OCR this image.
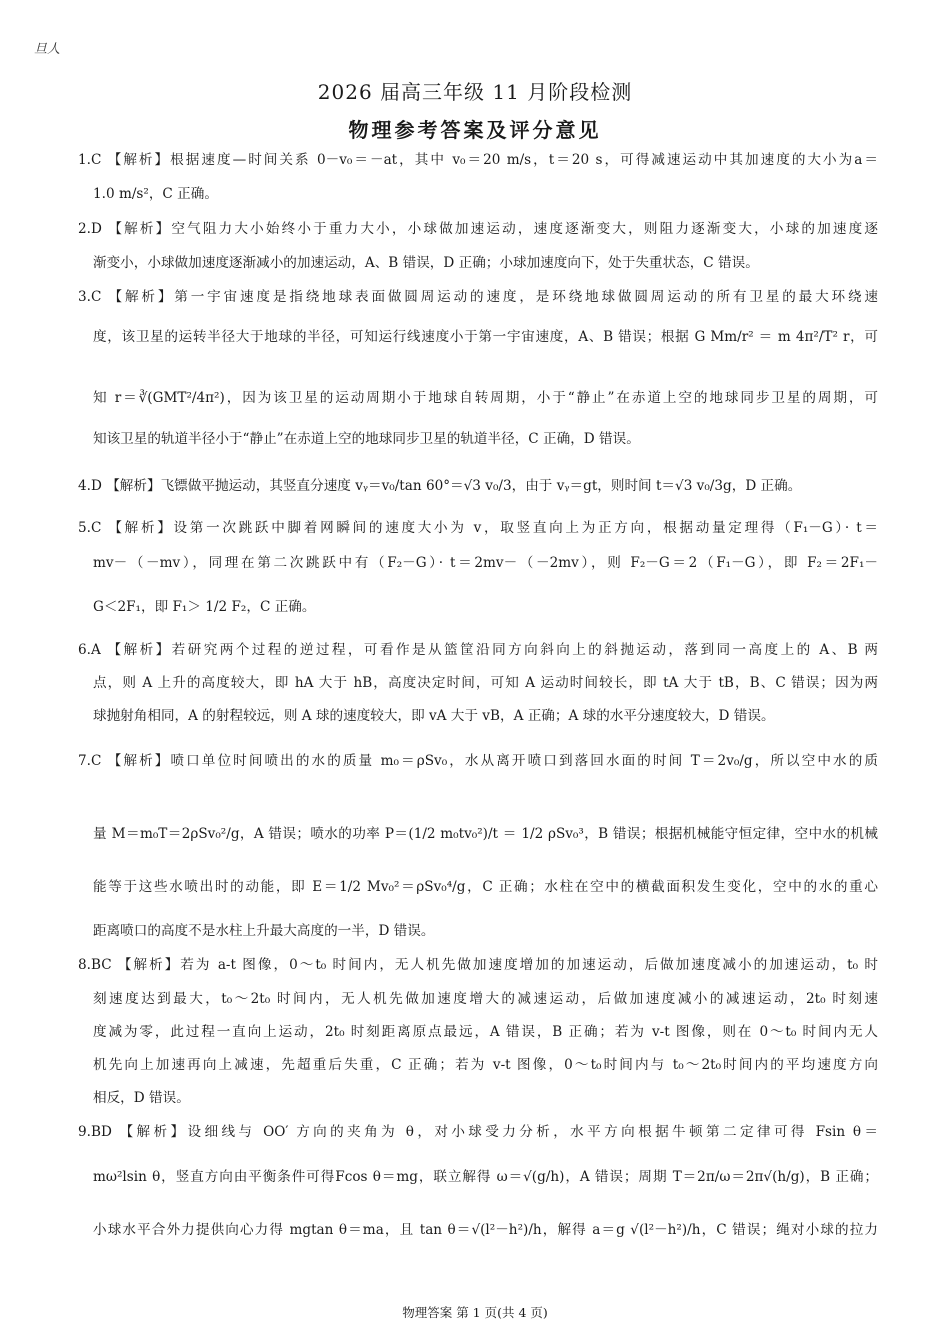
旦人
2026 届高三年级 11 月阶段检测
物理参考答案及评分意见
1.C 【解析】根据速度—时间关系 0－v₀＝－at，其中 v₀＝20 m/s，t＝20 s，可得减速运动中其加速度的大小为a＝
1.0 m/s²，C 正确。
2.D 【解析】空气阻力大小始终小于重力大小，小球做加速运动，速度逐渐变大，则阻力逐渐变大，小球的加速度逐
渐变小，小球做加速度逐渐减小的加速运动，A、B 错误，D 正确；小球加速度向下，处于失重状态，C 错误。
3.C 【解析】第一宇宙速度是指绕地球表面做圆周运动的速度，是环绕地球做圆周运动的所有卫星的最大环绕速
度，该卫星的运转半径大于地球的半径，可知运行线速度小于第一宇宙速度，A、B 错误；根据 G Mm/r² ＝ m 4π²/T² r，可
知 r＝∛(GMT²/4π²)，因为该卫星的运动周期小于地球自转周期，小于“静止”在赤道上空的地球同步卫星的周期，可
知该卫星的轨道半径小于“静止”在赤道上空的地球同步卫星的轨道半径，C 正确，D 错误。
4.D 【解析】飞镖做平抛运动，其竖直分速度 vᵧ＝v₀/tan 60°＝√3 v₀/3，由于 vᵧ＝gt，则时间 t＝√3 v₀/3g，D 正确。
5.C 【解析】设第一次跳跃中脚着网瞬间的速度大小为 v，取竖直向上为正方向，根据动量定理得（F₁－G）· t＝
mv－（－mv），同理在第二次跳跃中有（F₂－G）· t＝2mv－（－2mv），则 F₂－G＝2（F₁－G），即 F₂＝2F₁－
G＜2F₁，即 F₁＞ 1/2 F₂，C 正确。
6.A 【解析】若研究两个过程的逆过程，可看作是从篮筐沿同方向斜向上的斜抛运动，落到同一高度上的 A、B 两
点，则 A 上升的高度较大，即 hA 大于 hB，高度决定时间，可知 A 运动时间较长，即 tA 大于 tB，B、C 错误；因为两
球抛射角相同，A 的射程较远，则 A 球的速度较大，即 vA 大于 vB，A 正确；A 球的水平分速度较大，D 错误。
7.C 【解析】喷口单位时间喷出的水的质量 m₀＝ρSv₀，水从离开喷口到落回水面的时间 T＝2v₀/g，所以空中水的质
量 M＝m₀T＝2ρSv₀²/g，A 错误；喷水的功率 P＝(1/2 m₀tv₀²)/t ＝ 1/2 ρSv₀³，B 错误；根据机械能守恒定律，空中水的机械
能等于这些水喷出时的动能，即 E＝1/2 Mv₀²＝ρSv₀⁴/g，C 正确；水柱在空中的横截面积发生变化，空中的水的重心
距离喷口的高度不是水柱上升最大高度的一半，D 错误。
8.BC 【解析】若为 a-t 图像，0～t₀ 时间内，无人机先做加速度增加的加速运动，后做加速度减小的加速运动，t₀ 时
刻速度达到最大，t₀～2t₀ 时间内，无人机先做加速度增大的减速运动，后做加速度减小的减速运动，2t₀ 时刻速
度减为零，此过程一直向上运动，2t₀ 时刻距离原点最远，A 错误，B 正确；若为 v-t 图像，则在 0～t₀ 时间内无人
机先向上加速再向上减速，先超重后失重，C 正确；若为 v-t 图像，0～t₀时间内与 t₀～2t₀时间内的平均速度方向
相反，D 错误。
9.BD 【解析】设细线与 OO′ 方向的夹角为 θ，对小球受力分析，水平方向根据牛顿第二定律可得 Fsin θ＝
mω²lsin θ，竖直方向由平衡条件可得Fcos θ＝mg，联立解得 ω＝√(g/h)，A 错误；周期 T＝2π/ω＝2π√(h/g)，B 正确；
小球水平合外力提供向心力得 mgtan θ＝ma，且 tan θ＝√(l²－h²)/h，解得 a＝g √(l²－h²)/h，C 错误；绳对小球的拉力
物理答案 第 1 页(共 4 页)
